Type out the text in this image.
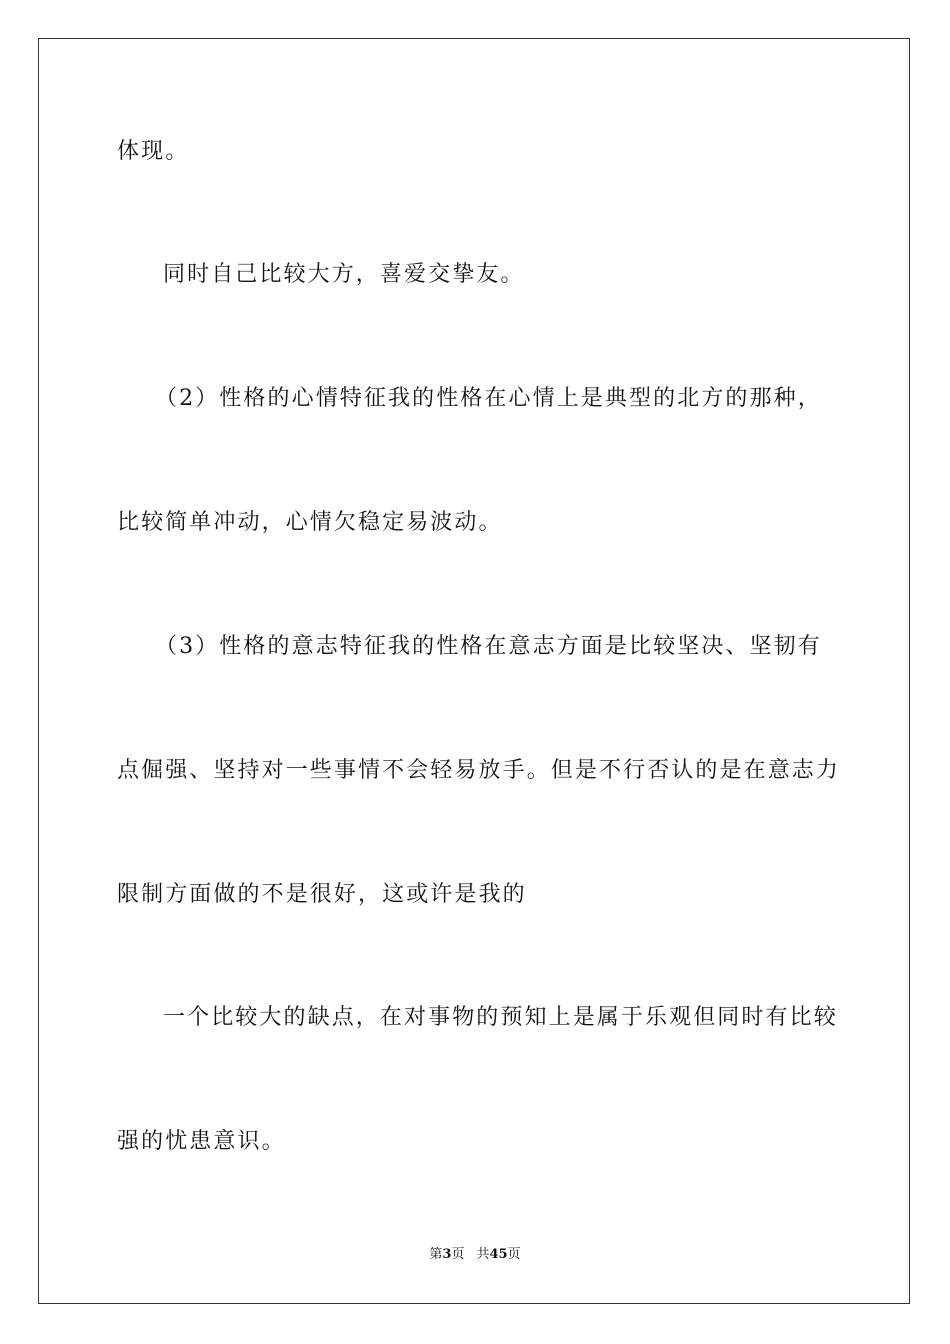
体现。
同时自己比较大方，喜爱交挚友。
（2）性格的心情特征我的性格在心情上是典型的北方的那种，
比较简单冲动，心情欠稳定易波动。
（3）性格的意志特征我的性格在意志方面是比较坚决、坚韧有
点倔强、坚持对一些事情不会轻易放手。但是不行否认的是在意志力
限制方面做的不是很好，这或许是我的
一个比较大的缺点，在对事物的预知上是属于乐观但同时有比较
强的忧患意识。
第3页 共45页
